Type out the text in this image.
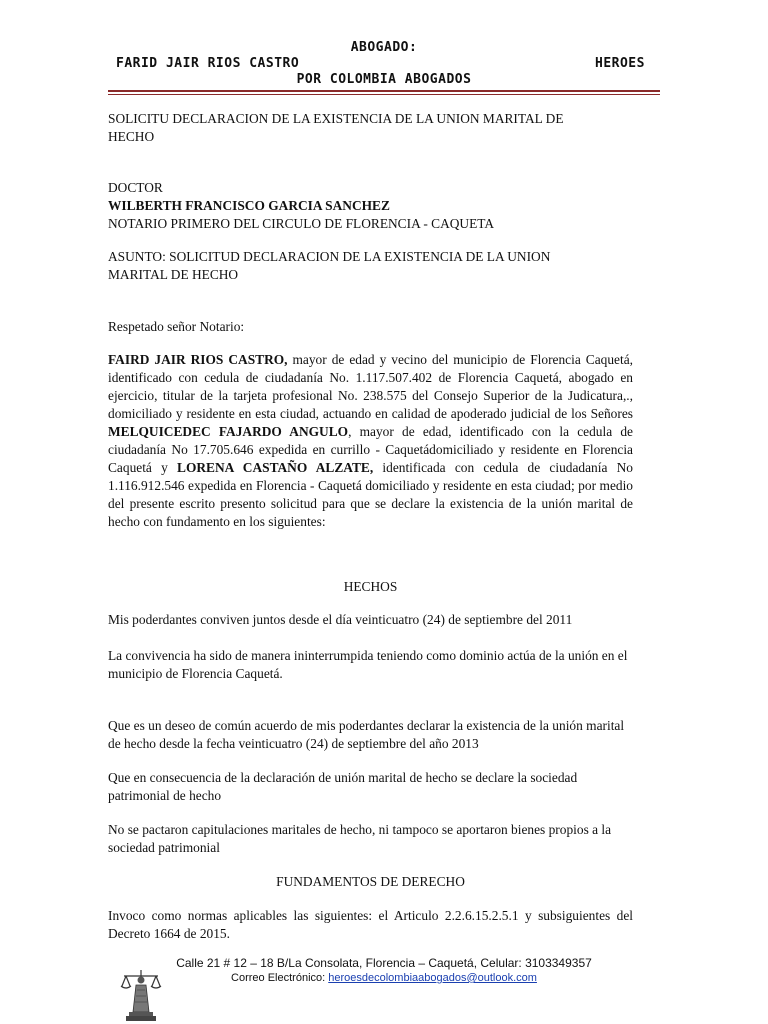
ABOGADO:
FARID JAIR RIOS CASTRO	HEROES
POR COLOMBIA ABOGADOS
SOLICITU DECLARACION DE LA EXISTENCIA DE LA UNION MARITAL DE
HECHO
DOCTOR
WILBERTH FRANCISCO GARCIA SANCHEZ
NOTARIO PRIMERO DEL CIRCULO DE FLORENCIA - CAQUETA
ASUNTO: SOLICITUD DECLARACION DE LA EXISTENCIA DE LA UNION
MARITAL DE HECHO
Respetado señor Notario:
FAIRD JAIR RIOS CASTRO, mayor de edad y vecino del municipio de Florencia Caquetá, identificado con cedula de ciudadanía No. 1.117.507.402 de Florencia Caquetá, abogado en ejercicio, titular de la tarjeta profesional No. 238.575 del Consejo Superior de la Judicatura,., domiciliado y residente en esta ciudad, actuando en calidad de apoderado judicial de los Señores MELQUICEDEC FAJARDO ANGULO, mayor de edad, identificado con la cedula de ciudadanía No 17.705.646 expedida en currillo - Caquetádomiciliado y residente en Florencia Caquetá y LORENA CASTAÑO ALZATE, identificada con cedula de ciudadanía No 1.116.912.546 expedida en Florencia - Caquetá domiciliado y residente en esta ciudad; por medio del presente escrito presento solicitud para que se declare la existencia de la unión marital de hecho con fundamento en los siguientes:
HECHOS
Mis poderdantes conviven juntos desde el día veinticuatro (24) de septiembre del 2011
La convivencia ha sido de manera ininterrumpida teniendo como dominio actúa de la unión en el municipio de Florencia Caquetá.
Que es un deseo de común acuerdo de mis poderdantes declarar la existencia de la unión marital de hecho desde la fecha veinticuatro (24) de septiembre del año 2013
Que en consecuencia de la declaración de unión marital de hecho se declare la sociedad patrimonial de hecho
No se pactaron capitulaciones maritales de hecho, ni tampoco se aportaron bienes propios a la sociedad patrimonial
FUNDAMENTOS DE DERECHO
Invoco como normas aplicables las siguientes: el Articulo 2.2.6.15.2.5.1 y subsiguientes del Decreto 1664 de 2015.
Calle 21 # 12 – 18 B/La Consolata, Florencia – Caquetá, Celular: 3103349357
Correo Electrónico: heroesdecolombiaabogados@outlook.com
